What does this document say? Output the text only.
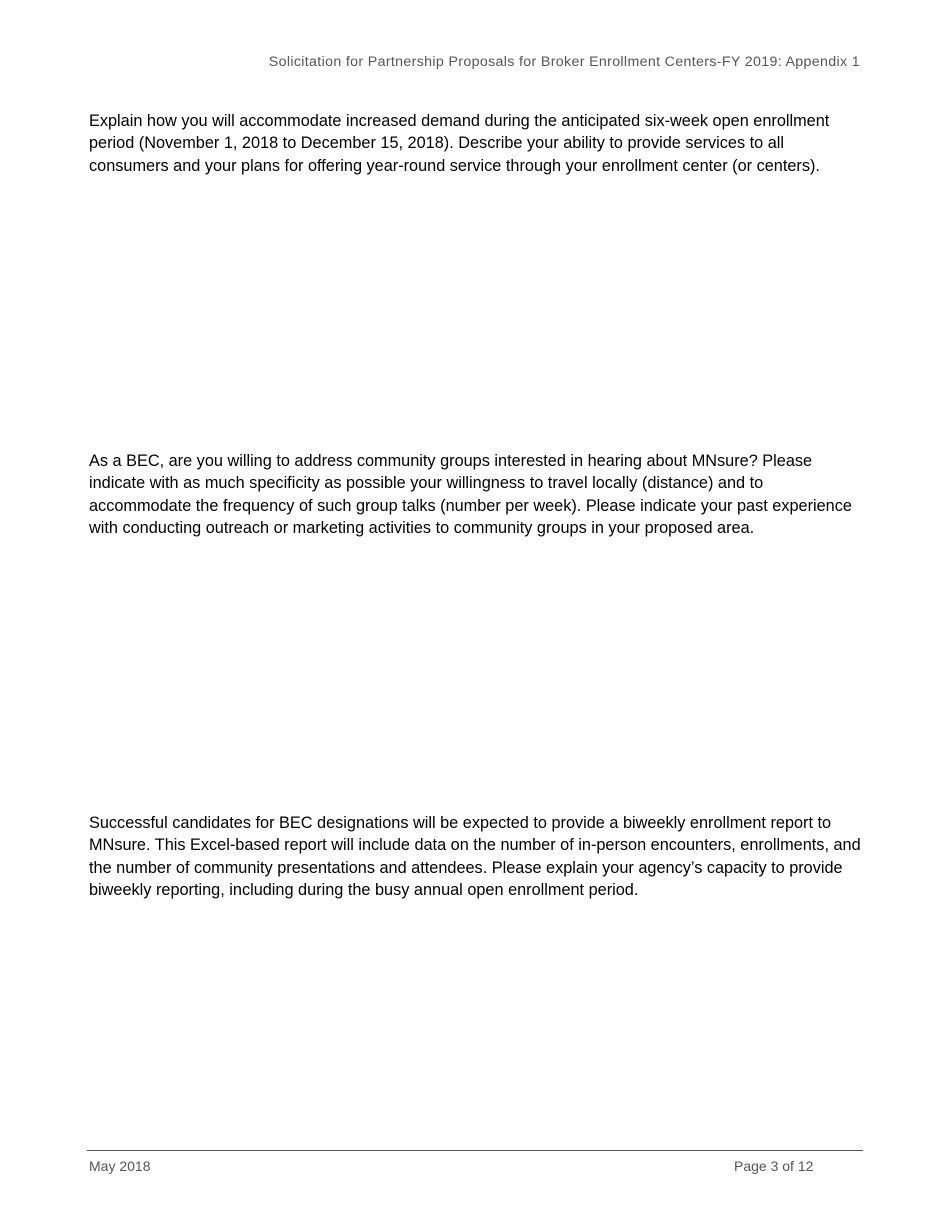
Solicitation for Partnership Proposals for Broker Enrollment Centers-FY 2019: Appendix 1

Explain how you will accommodate increased demand during the anticipated six-week open enrollment period (November 1, 2018 to December 15, 2018). Describe your ability to provide services to all consumers and your plans for offering year-round service through your enrollment center (or centers).

As a BEC, are you willing to address community groups interested in hearing about MNsure? Please indicate with as much specificity as possible your willingness to travel locally (distance) and to accommodate the frequency of such group talks (number per week). Please indicate your past experience with conducting outreach or marketing activities to community groups in your proposed area.

Successful candidates for BEC designations will be expected to provide a biweekly enrollment report to MNsure. This Excel-based report will include data on the number of in-person encounters, enrollments, and the number of community presentations and attendees. Please explain your agency’s capacity to provide biweekly reporting, including during the busy annual open enrollment period.

May 2018	Page 3 of 12
